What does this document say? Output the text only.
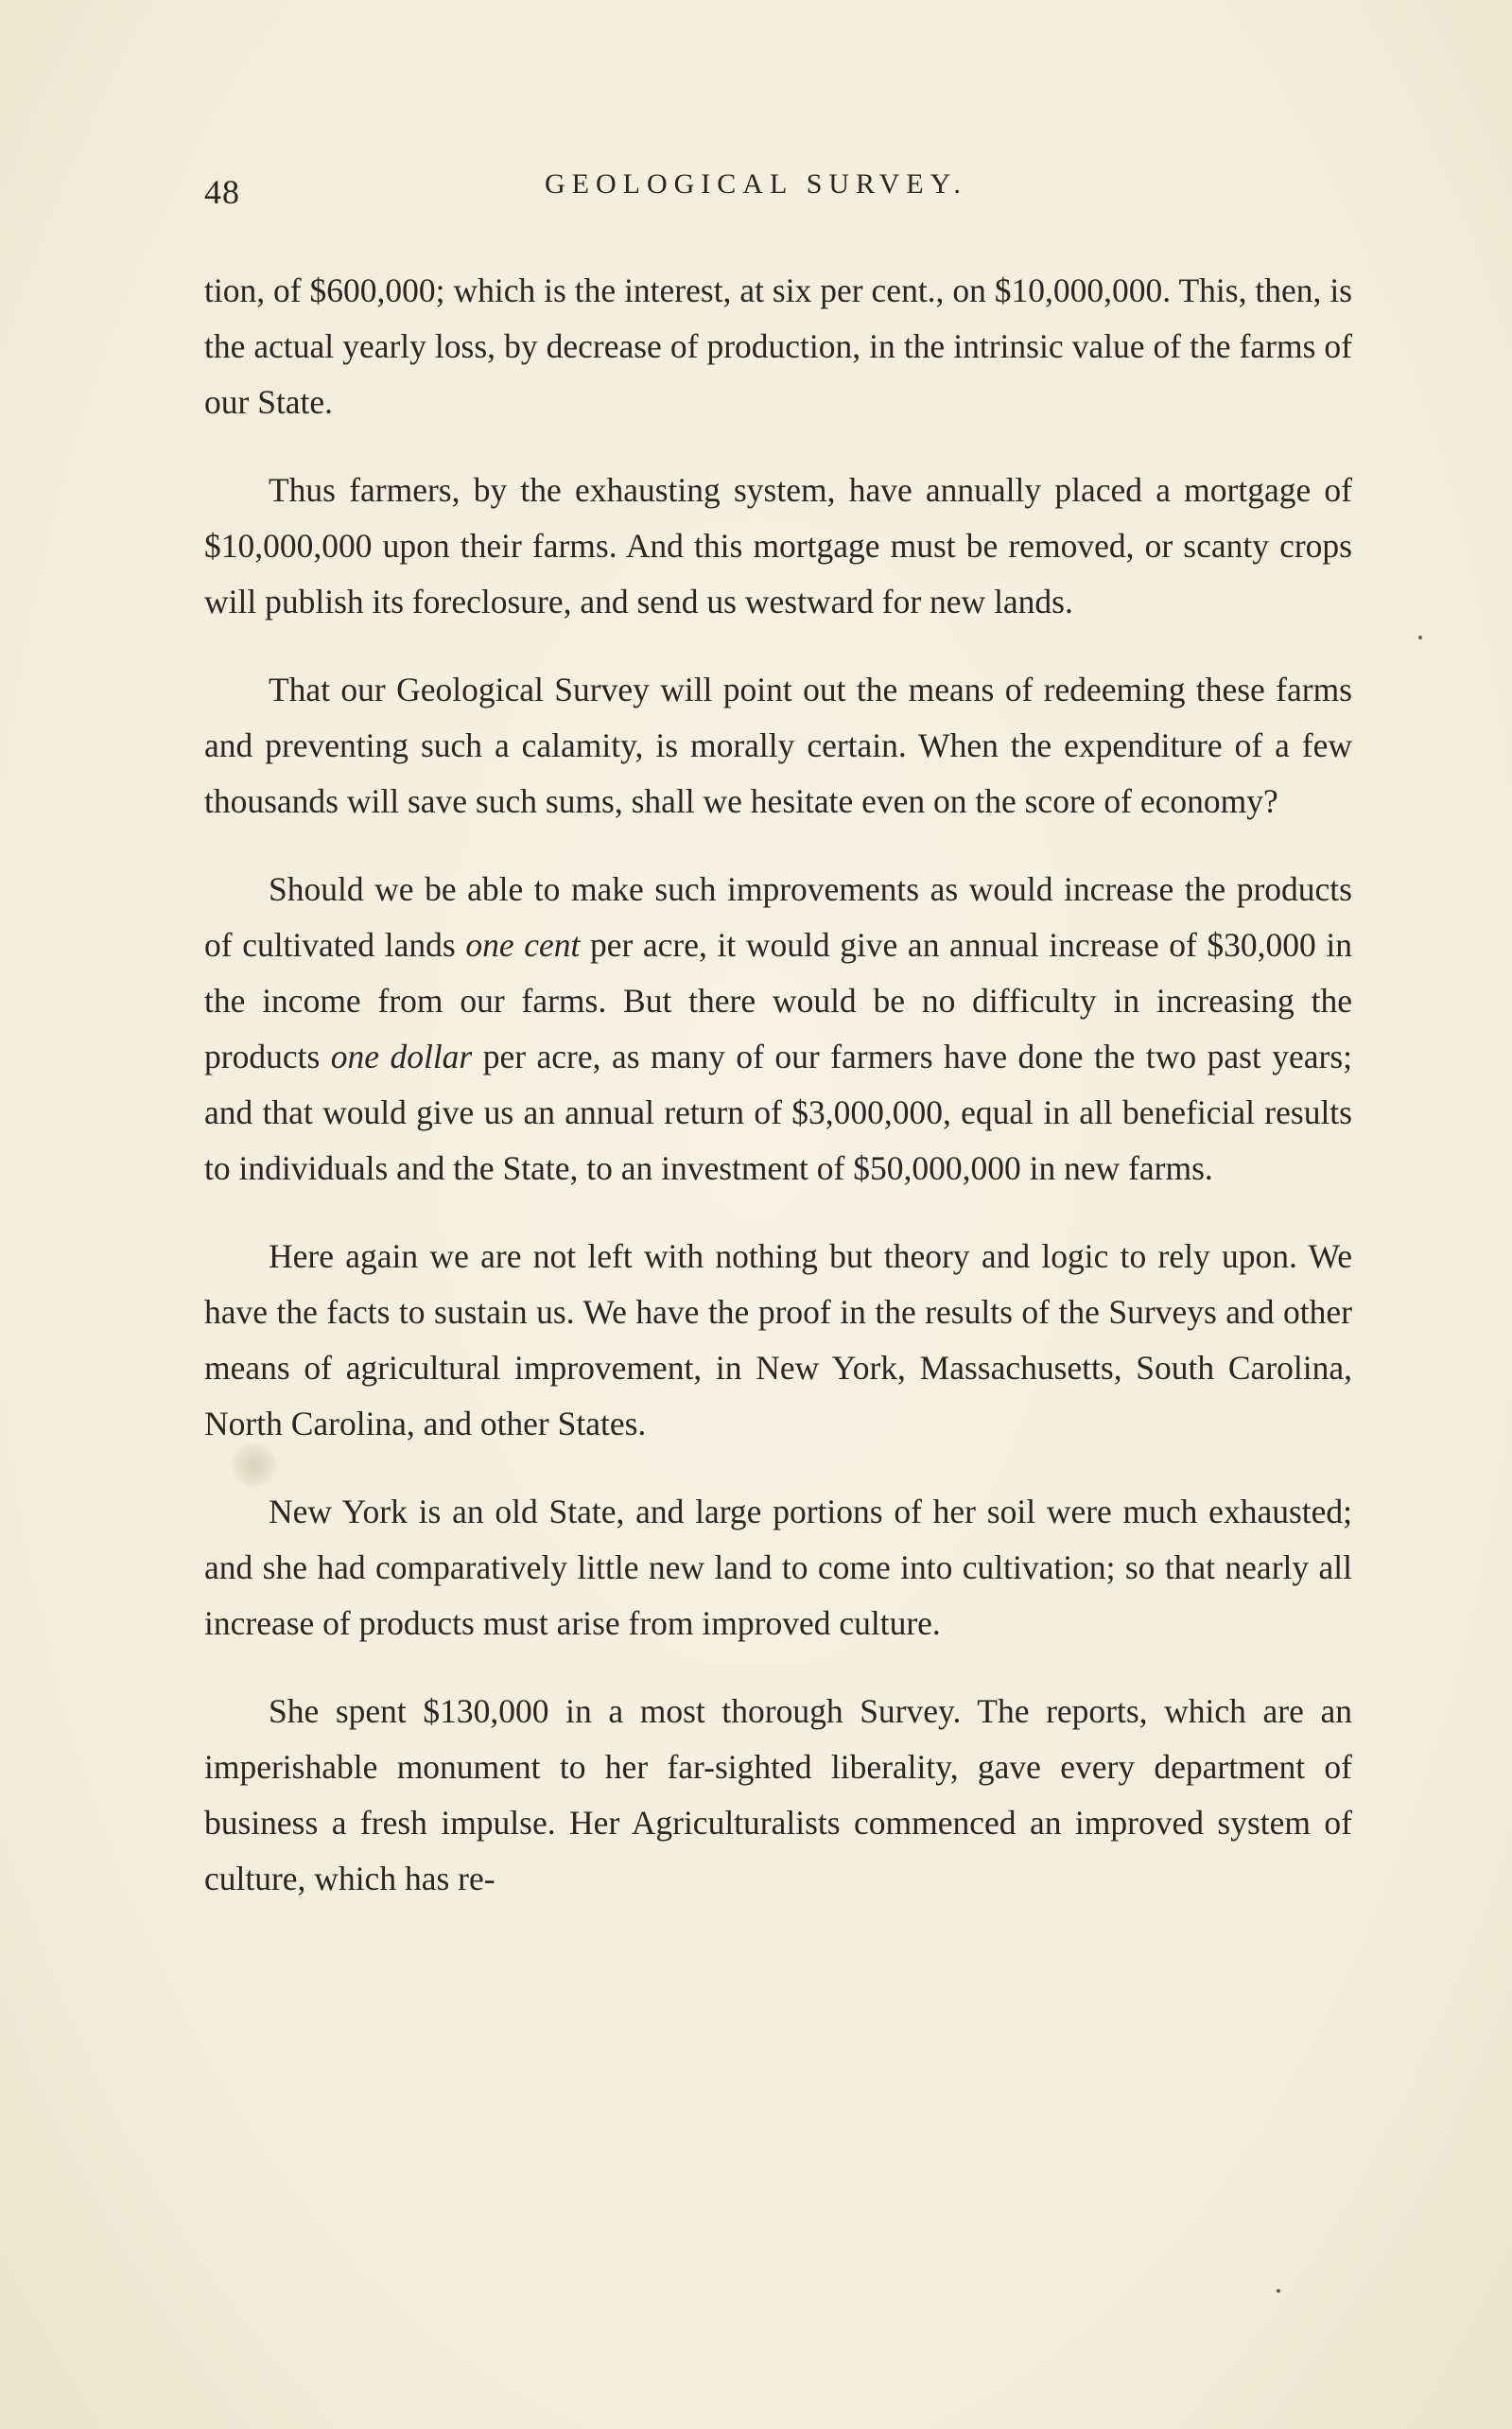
48	GEOLOGICAL SURVEY.

tion, of $600,000; which is the interest, at six per cent., on $10,000,000. This, then, is the actual yearly loss, by decrease of production, in the intrinsic value of the farms of our State.

Thus farmers, by the exhausting system, have annually placed a mortgage of $10,000,000 upon their farms. And this mortgage must be removed, or scanty crops will publish its foreclosure, and send us westward for new lands.

That our Geological Survey will point out the means of redeeming these farms and preventing such a calamity, is morally certain. When the expenditure of a few thousands will save such sums, shall we hesitate even on the score of economy?

Should we be able to make such improvements as would increase the products of cultivated lands one cent per acre, it would give an annual increase of $30,000 in the income from our farms. But there would be no difficulty in increasing the products one dollar per acre, as many of our farmers have done the two past years; and that would give us an annual return of $3,000,000, equal in all beneficial results to individuals and the State, to an investment of $50,000,000 in new farms.

Here again we are not left with nothing but theory and logic to rely upon. We have the facts to sustain us. We have the proof in the results of the Surveys and other means of agricultural improvement, in New York, Massachusetts, South Carolina, North Carolina, and other States.

New York is an old State, and large portions of her soil were much exhausted; and she had comparatively little new land to come into cultivation; so that nearly all increase of products must arise from improved culture.

She spent $130,000 in a most thorough Survey. The reports, which are an imperishable monument to her far-sighted liberality, gave every department of business a fresh impulse. Her Agriculturalists commenced an improved system of culture, which has re-
